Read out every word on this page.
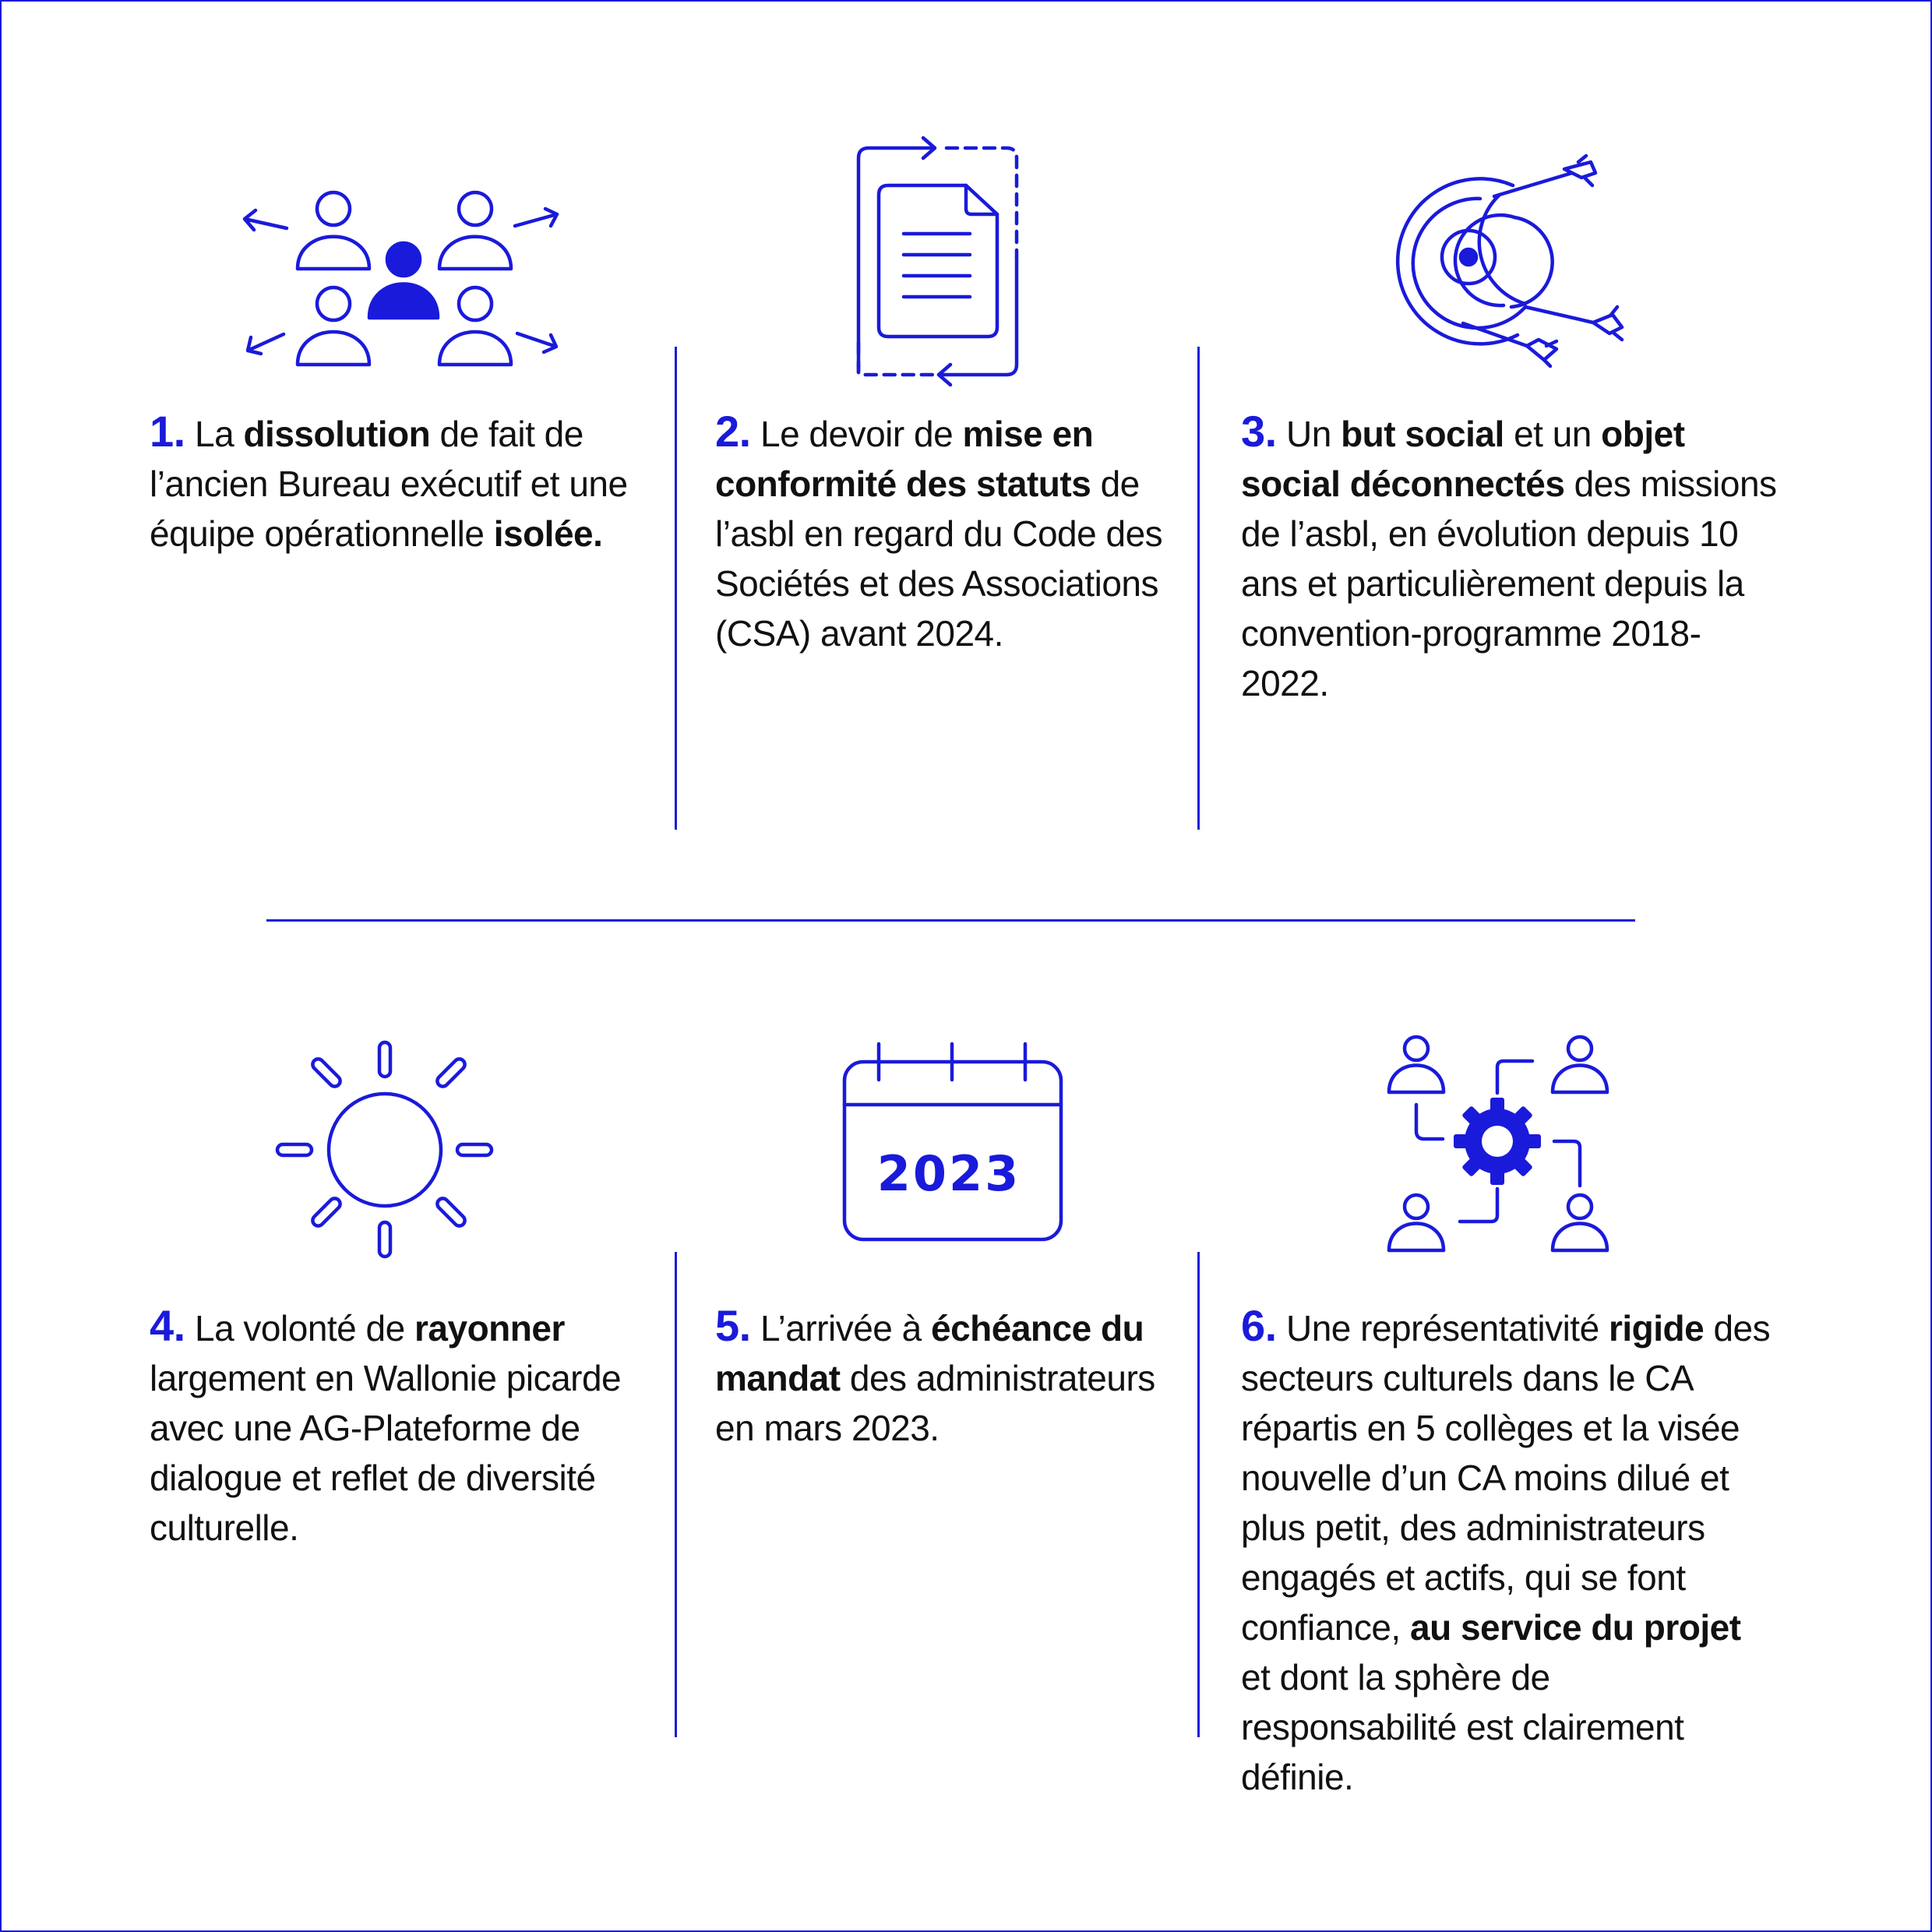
2023
1. La dissolution de fait de l’ancien Bureau exécutif et une équipe opérationnelle isolée.
2. Le devoir de mise en conformité des statuts de l’asbl en regard du Code des Sociétés et des Associations (CSA) avant 2024.
3. Un but social et un objet social déconnectés des missions de l’asbl, en évolution depuis 10 ans et particulièrement depuis la convention-programme 2018-2022.
4. La volonté de rayonner largement en Wallonie picarde avec une AG-Plateforme de dialogue et reflet de diversité culturelle.
5. L’arrivée à échéance du mandat des administrateurs en mars 2023.
6. Une représentativité rigide des secteurs culturels dans le CA répartis en 5 collèges et la visée nouvelle d’un CA moins dilué et plus petit, des administrateurs engagés et actifs, qui se font confiance, au service du projet et dont la sphère de responsabilité est clairement définie.
